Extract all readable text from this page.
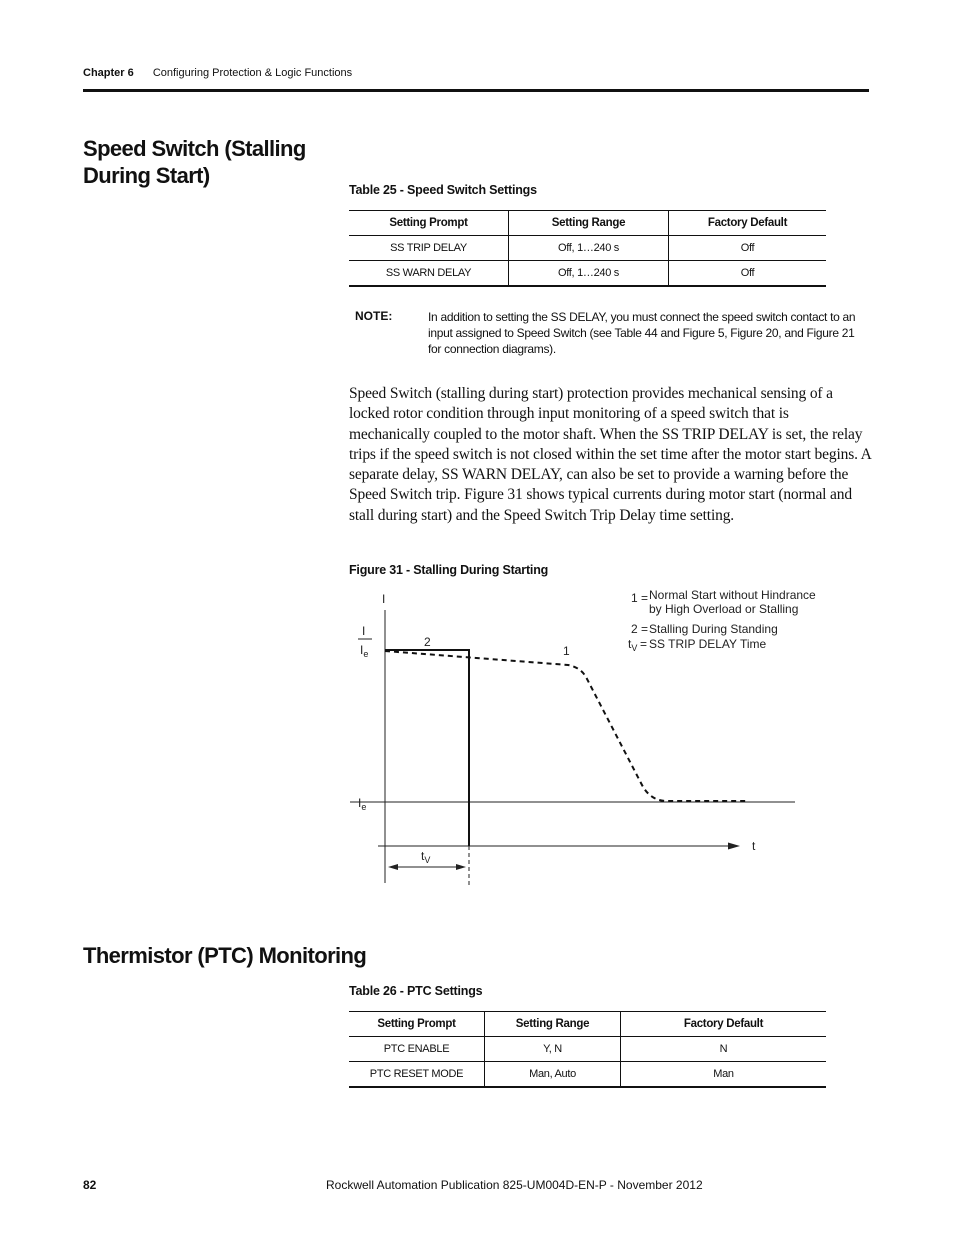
Chapter 6 Configuring Protection & Logic Functions
Speed Switch (Stalling During Start)
Table 25 - Speed Switch Settings
Setting Prompt	Setting Range	Factory Default
SS TRIP DELAY	Off, 1…240 s	Off
SS WARN DELAY	Off, 1…240 s	Off
NOTE:	In addition to setting the SS DELAY, you must connect the speed switch contact to an input assigned to Speed Switch (see Table 44 and Figure 5, Figure 20, and Figure 21 for connection diagrams).
Speed Switch (stalling during start) protection provides mechanical sensing of a locked rotor condition through input monitoring of a speed switch that is mechanically coupled to the motor shaft. When the SS TRIP DELAY is set, the relay trips if the speed switch is not closed within the set time after the motor start begins. A separate delay, SS WARN DELAY, can also be set to provide a warning before the Speed Switch trip. Figure 31 shows typical currents during motor start (normal and stall during start) and the Speed Switch Trip Delay time setting.
Figure 31 - Stalling During Starting
I
t
I
$I_e$
$I_e$
2
1
$t_V$
1 = Normal Start without Hindrance
by High Overload or Stalling
2 = Stalling During Standing
$t_V$ = SS TRIP DELAY Time
Thermistor (PTC) Monitoring
Table 26 - PTC Settings
Setting Prompt	Setting Range	Factory Default
PTC ENABLE	Y, N	N
PTC RESET MODE	Man, Auto	Man
82	Rockwell Automation Publication 825-UM004D-EN-P - November 2012
